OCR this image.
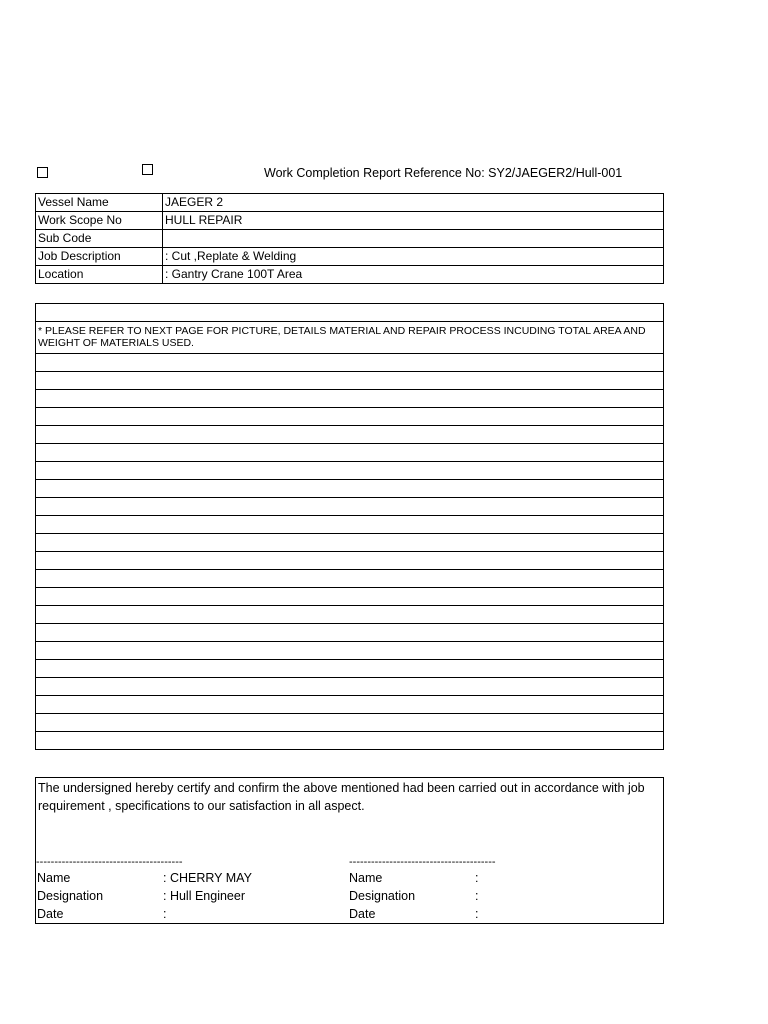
Work Completion Report Reference No: SY2/JAEGER2/Hull-001
Vessel Name	JAEGER 2
Work Scope No	HULL REPAIR
Sub Code	
Job Description	: Cut ,Replate & Welding
Location	: Gantry Crane 100T Area

* PLEASE REFER TO NEXT PAGE FOR PICTURE, DETAILS MATERIAL AND REPAIR PROCESS INCUDING TOTAL AREA AND WEIGHT OF MATERIALS USED.

The undersigned hereby certify and confirm the above mentioned had been carried out in accordance with job requirement , specifications to our satisfaction in all aspect.
----------------------------------------	----------------------------------------
Name	: CHERRY MAY
Designation	: Hull Engineer
Date	:
Name	:
Designation	:
Date	:
